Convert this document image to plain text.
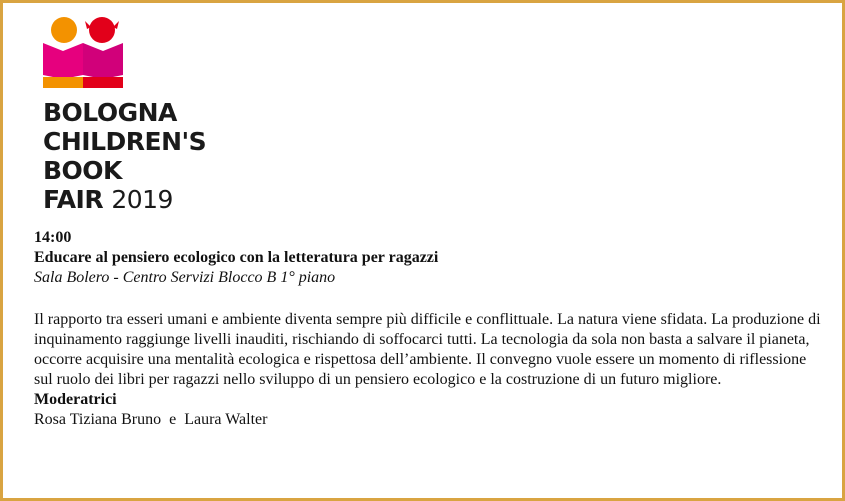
BOLOGNA
CHILDREN'S
BOOK
FAIR 2019
14:00
Educare al pensiero ecologico con la letteratura per ragazzi
Sala Bolero - Centro Servizi Blocco B 1° piano
Il rapporto tra esseri umani e ambiente diventa sempre più difficile e conflittuale. La natura viene sfidata. La produzione di inquinamento raggiunge livelli inauditi, rischiando di soffocarci tutti. La tecnologia da sola non basta a salvare il pianeta, occorre acquisire una mentalità ecologica e rispettosa dell’ambiente. Il convegno vuole essere un momento di riflessione sul ruolo dei libri per ragazzi nello sviluppo di un pensiero ecologico e la costruzione di un futuro migliore.
Moderatrici
Rosa Tiziana Bruno  e  Laura Walter
